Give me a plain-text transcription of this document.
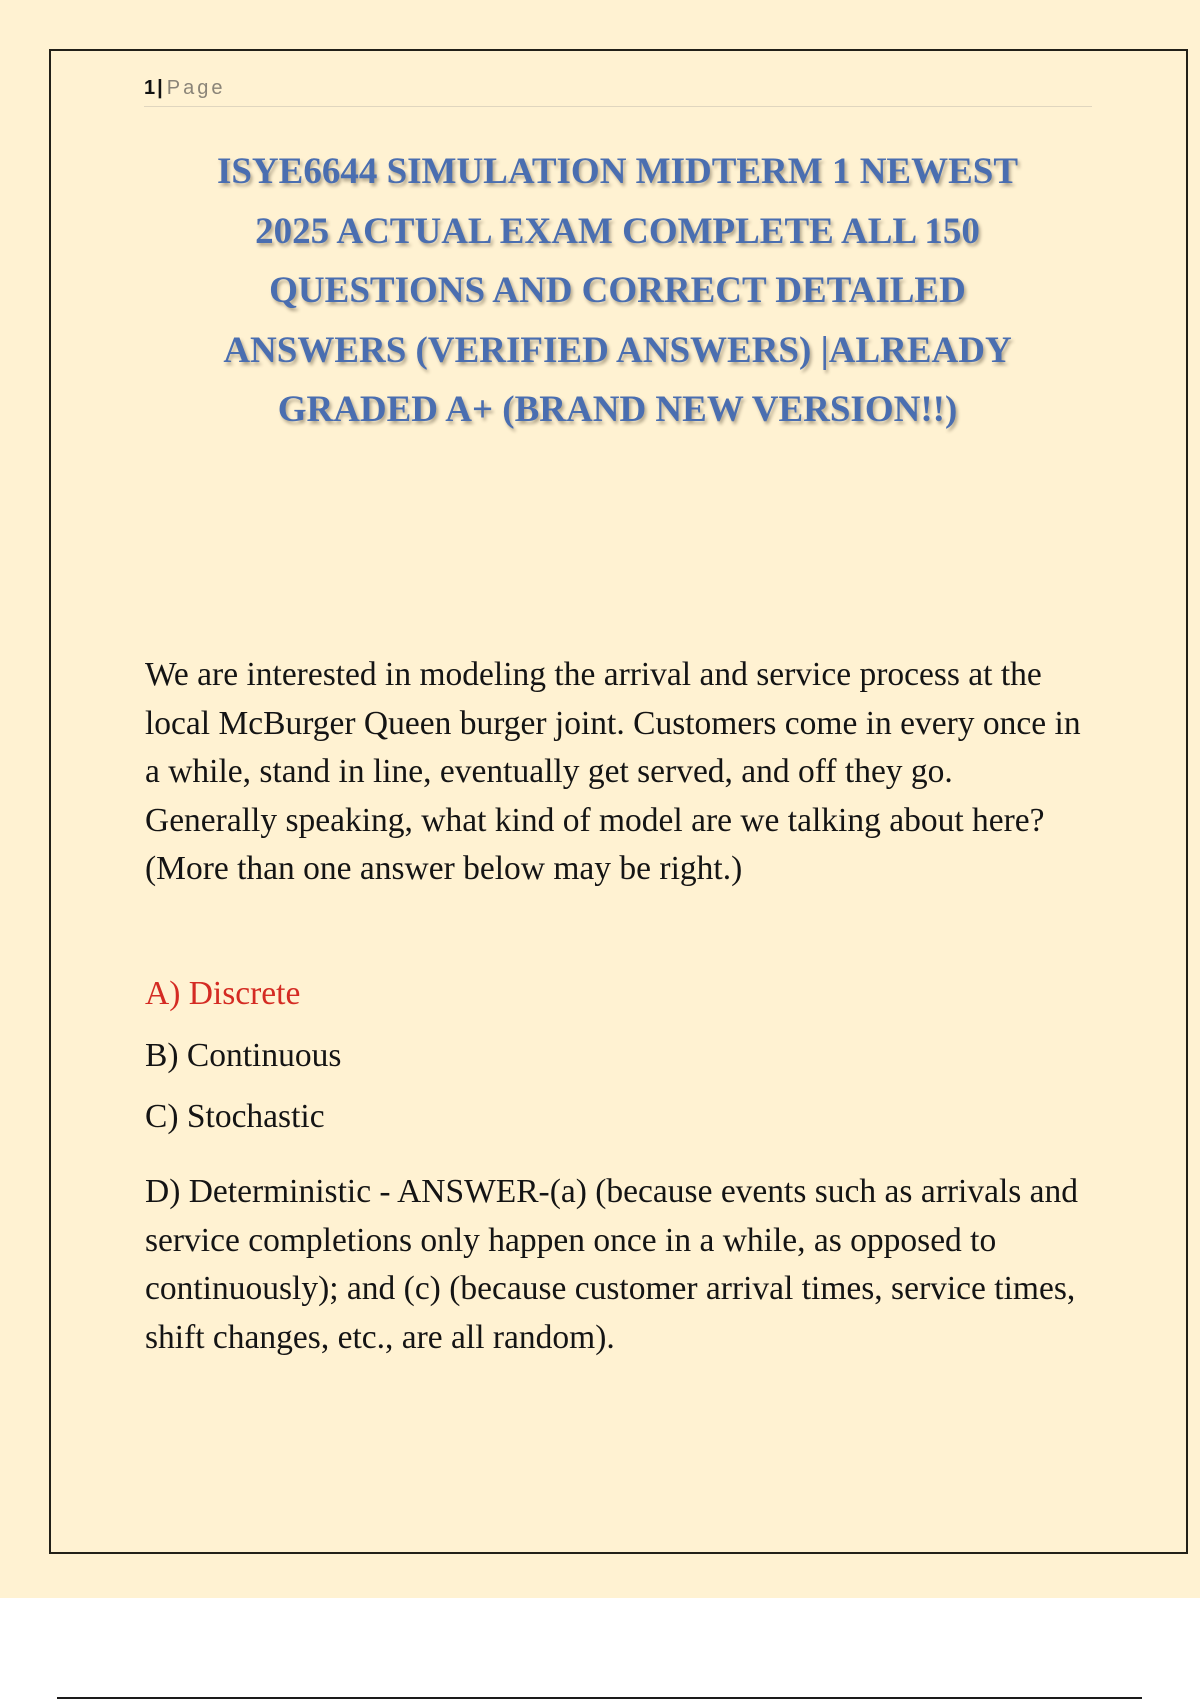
1 | Page
ISYE6644 SIMULATION MIDTERM 1 NEWEST
2025 ACTUAL EXAM COMPLETE ALL 150
QUESTIONS AND CORRECT DETAILED
ANSWERS (VERIFIED ANSWERS) |ALREADY
GRADED A+ (BRAND NEW VERSION!!)
We are interested in modeling the arrival and service process at the local McBurger Queen burger joint. Customers come in every once in a while, stand in line, eventually get served, and off they go. Generally speaking, what kind of model are we talking about here? (More than one answer below may be right.)
A) Discrete
B) Continuous
C) Stochastic
D) Deterministic - ANSWER-(a) (because events such as arrivals and service completions only happen once in a while, as opposed to continuously); and (c) (because customer arrival times, service times, shift changes, etc., are all random).
